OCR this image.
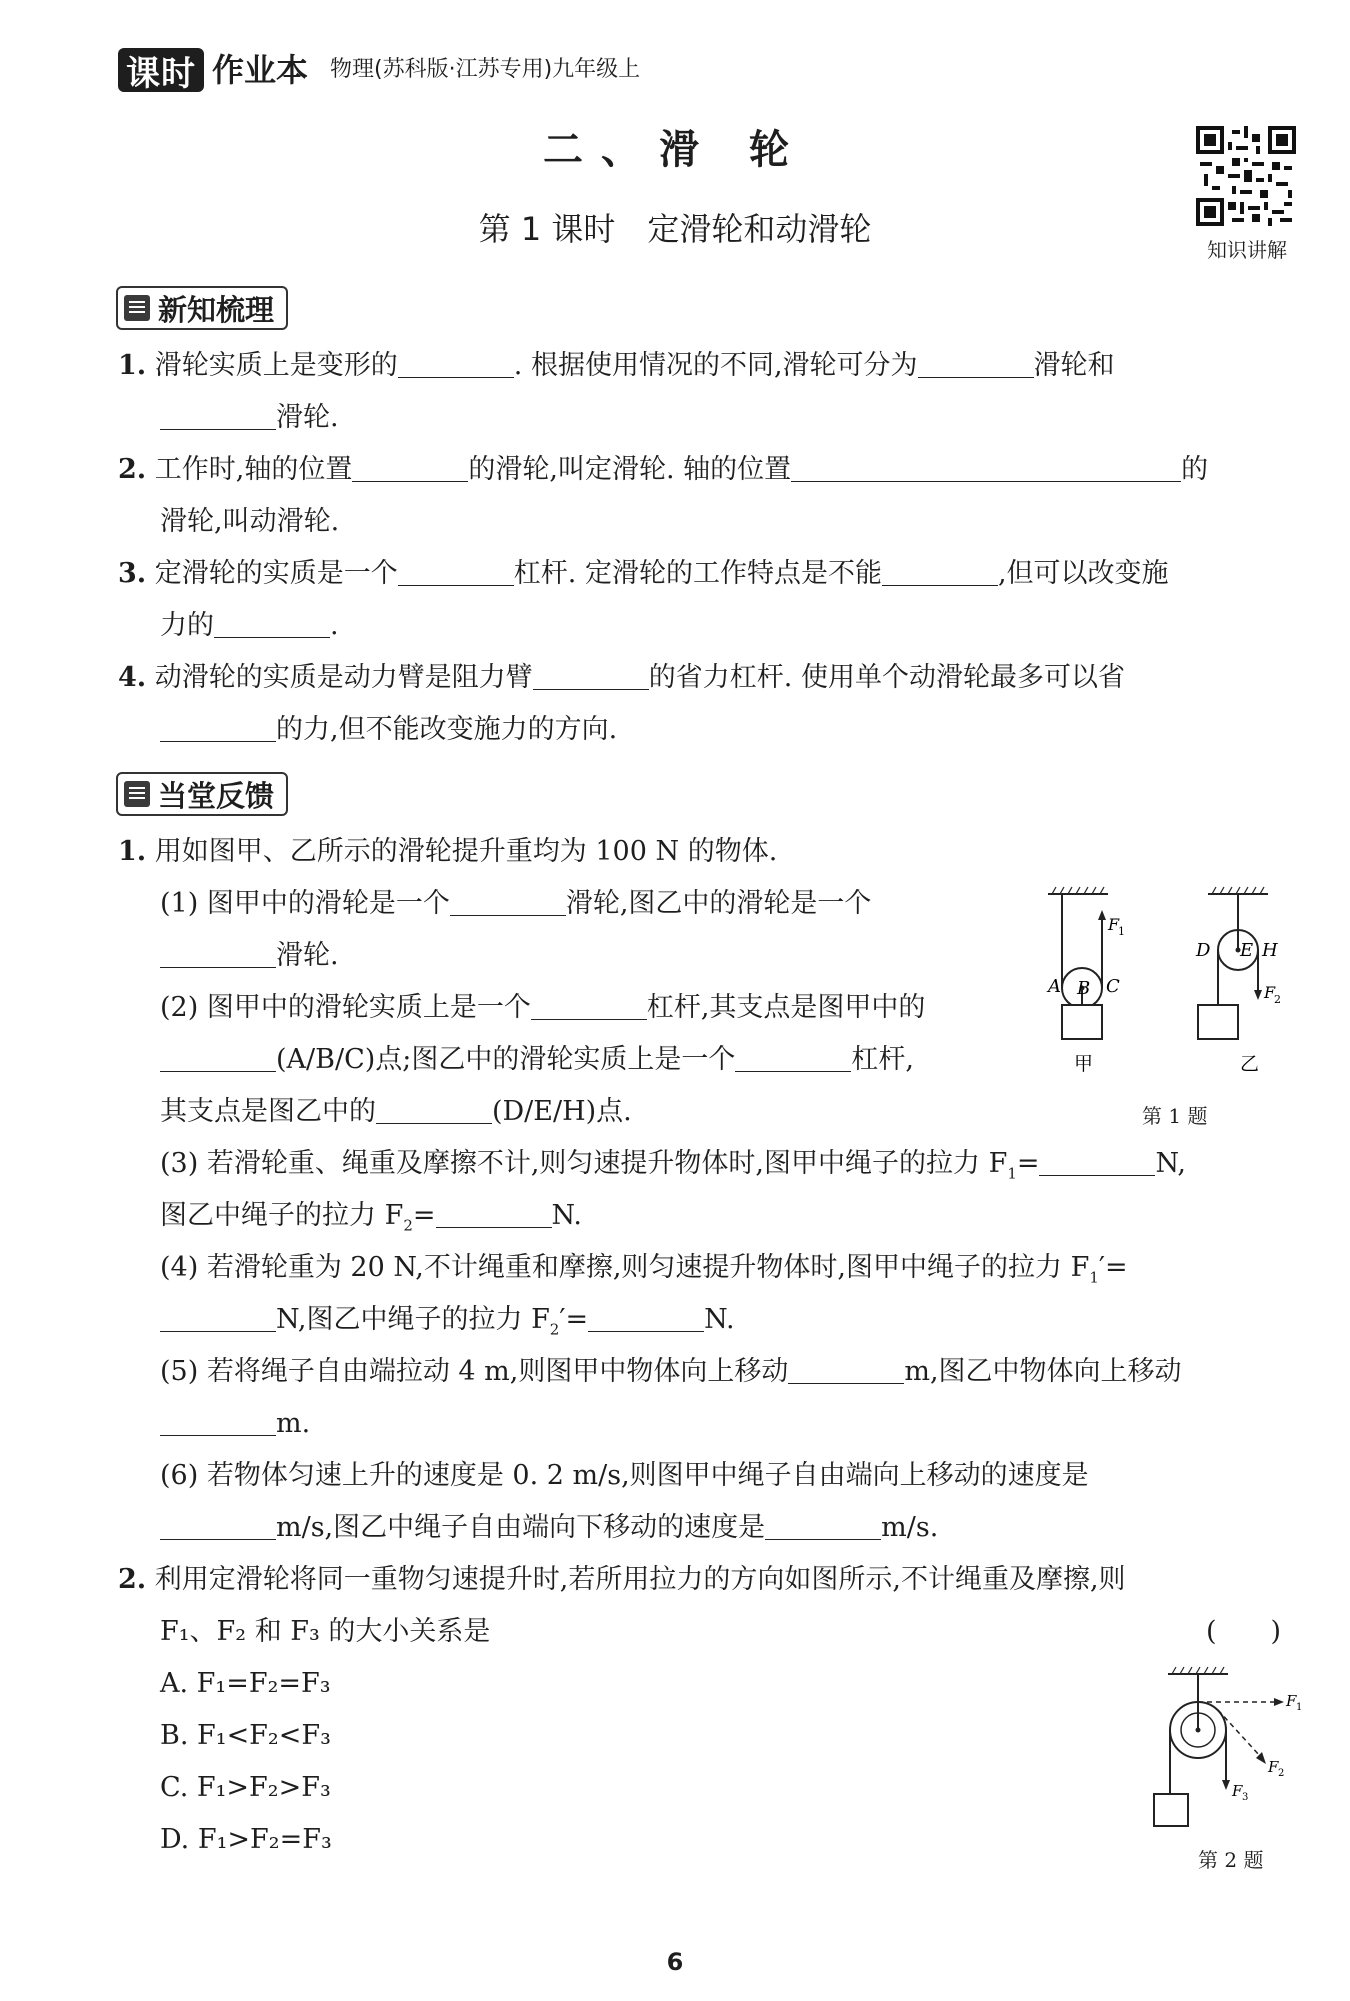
课时 作业本 物理(苏科版·江苏专用)九年级上
二、滑 轮
第 1 课时　定滑轮和动滑轮
知识讲解
新知梳理
1. 滑轮实质上是变形的	. 根据使用情况的不同,滑轮可分为	滑轮和
滑轮.
2. 工作时,轴的位置	的滑轮,叫定滑轮. 轴的位置	的
滑轮,叫动滑轮.
3. 定滑轮的实质是一个	杠杆. 定滑轮的工作特点是不能	,但可以改变施
力的	.
4. 动滑轮的实质是动力臂是阻力臂	的省力杠杆. 使用单个动滑轮最多可以省
的力,但不能改变施力的方向.
当堂反馈
1. 用如图甲、乙所示的滑轮提升重均为 100 N 的物体.
(1) 图甲中的滑轮是一个	滑轮,图乙中的滑轮是一个
滑轮.
(2) 图甲中的滑轮实质上是一个	杠杆,其支点是图甲中的
(A/B/C)点;图乙中的滑轮实质上是一个	杠杆,
其支点是图乙中的	(D/E/H)点.
A B C
F
1
甲
D E H
F
2
乙
第 1 题
(3) 若滑轮重、绳重及摩擦不计,则匀速提升物体时,图甲中绳子的拉力 $F_1=$	N,
图乙中绳子的拉力 $F_2=$	N.
(4) 若滑轮重为 20 N,不计绳重和摩擦,则匀速提升物体时,图甲中绳子的拉力 $F_1'=$
N,图乙中绳子的拉力 $F_2'=$	N.
(5) 若将绳子自由端拉动 4 m,则图甲中物体向上移动	m,图乙中物体向上移动
m.
(6) 若物体匀速上升的速度是 0. 2 m/s,则图甲中绳子自由端向上移动的速度是
m/s,图乙中绳子自由端向下移动的速度是	m/s.
2. 利用定滑轮将同一重物匀速提升时,若所用拉力的方向如图所示,不计绳重及摩擦,则
F₁、F₂ 和 F₃ 的大小关系是	(　　)
A. F₁=F₂=F₃
B. F₁<F₂<F₃
C. F₁>F₂>F₃
D. F₁>F₂=F₃
F 1
F 2
F 3
第 2 题
6
